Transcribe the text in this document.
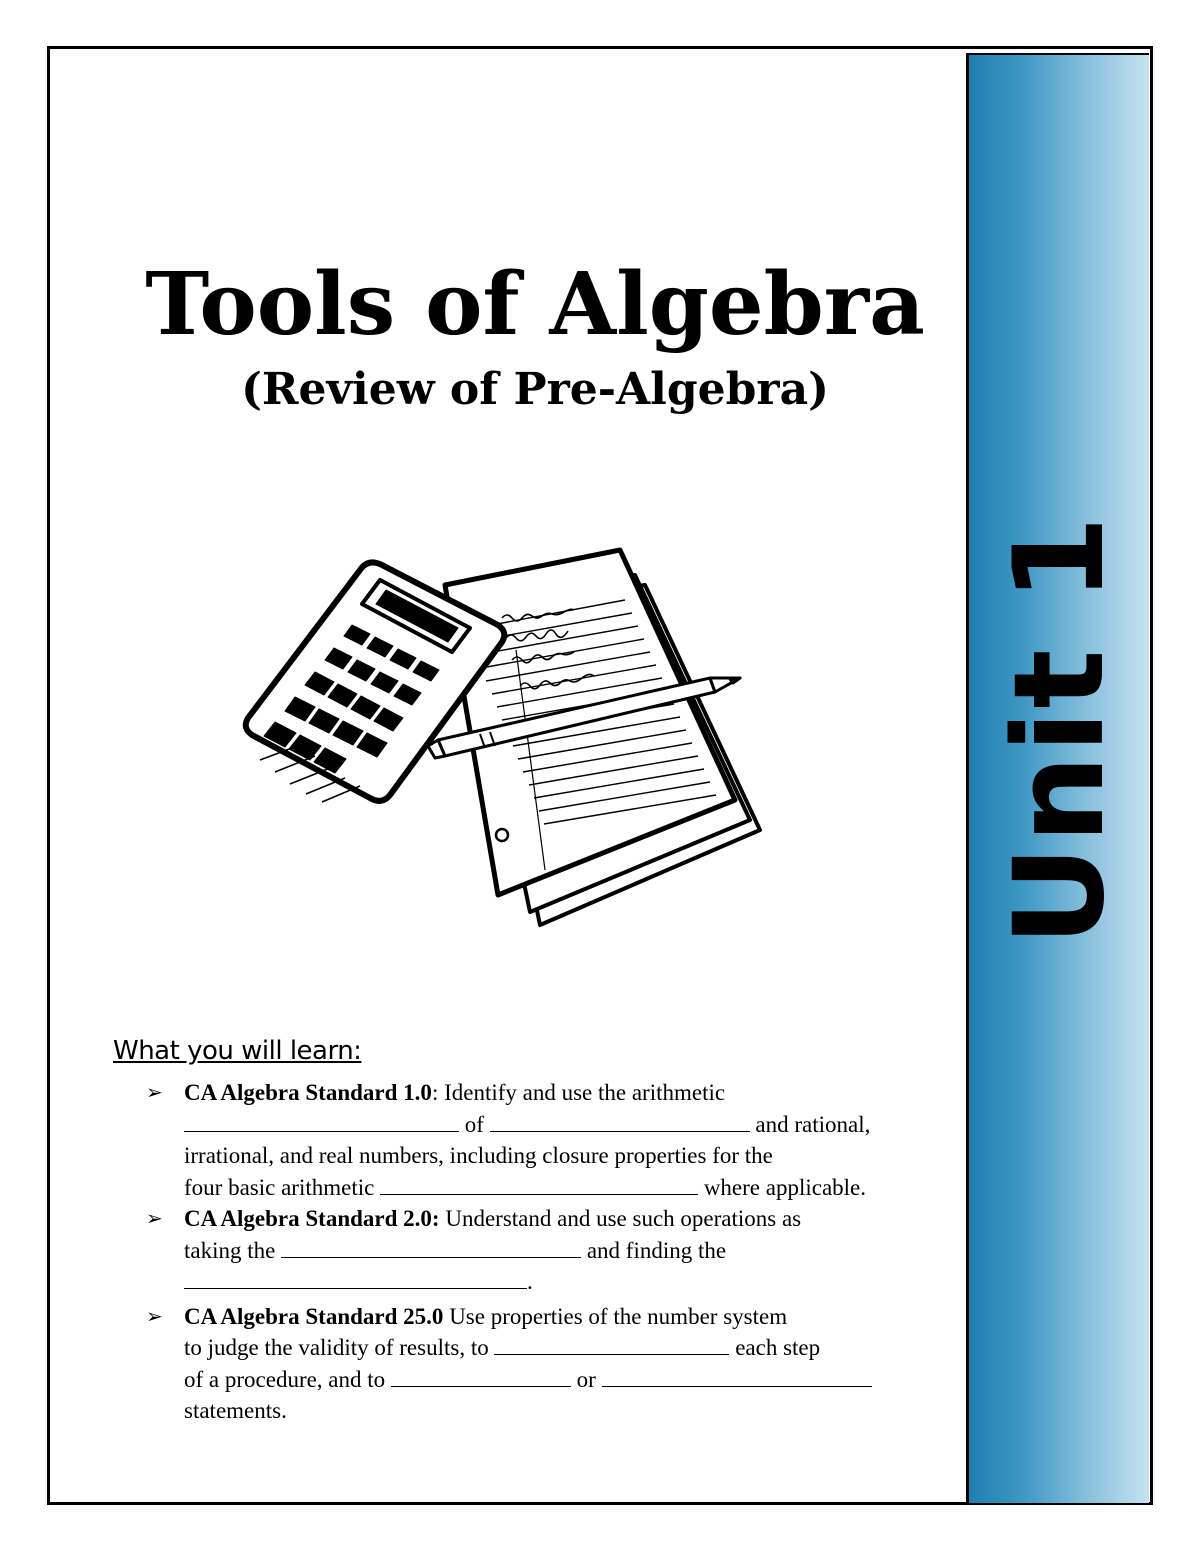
Unit 1
Tools of Algebra
(Review of Pre-Algebra)

What you will learn:

➢ CA Algebra Standard 1.0: Identify and use the arithmetic
of	and rational,
irrational, and real numbers, including closure properties for the
four basic arithmetic	where applicable.
➢ CA Algebra Standard 2.0: Understand and use such operations as
taking the	and finding the
.
➢ CA Algebra Standard 25.0 Use properties of the number system
to judge the validity of results, to	each step
of a procedure, and to	or
statements.
